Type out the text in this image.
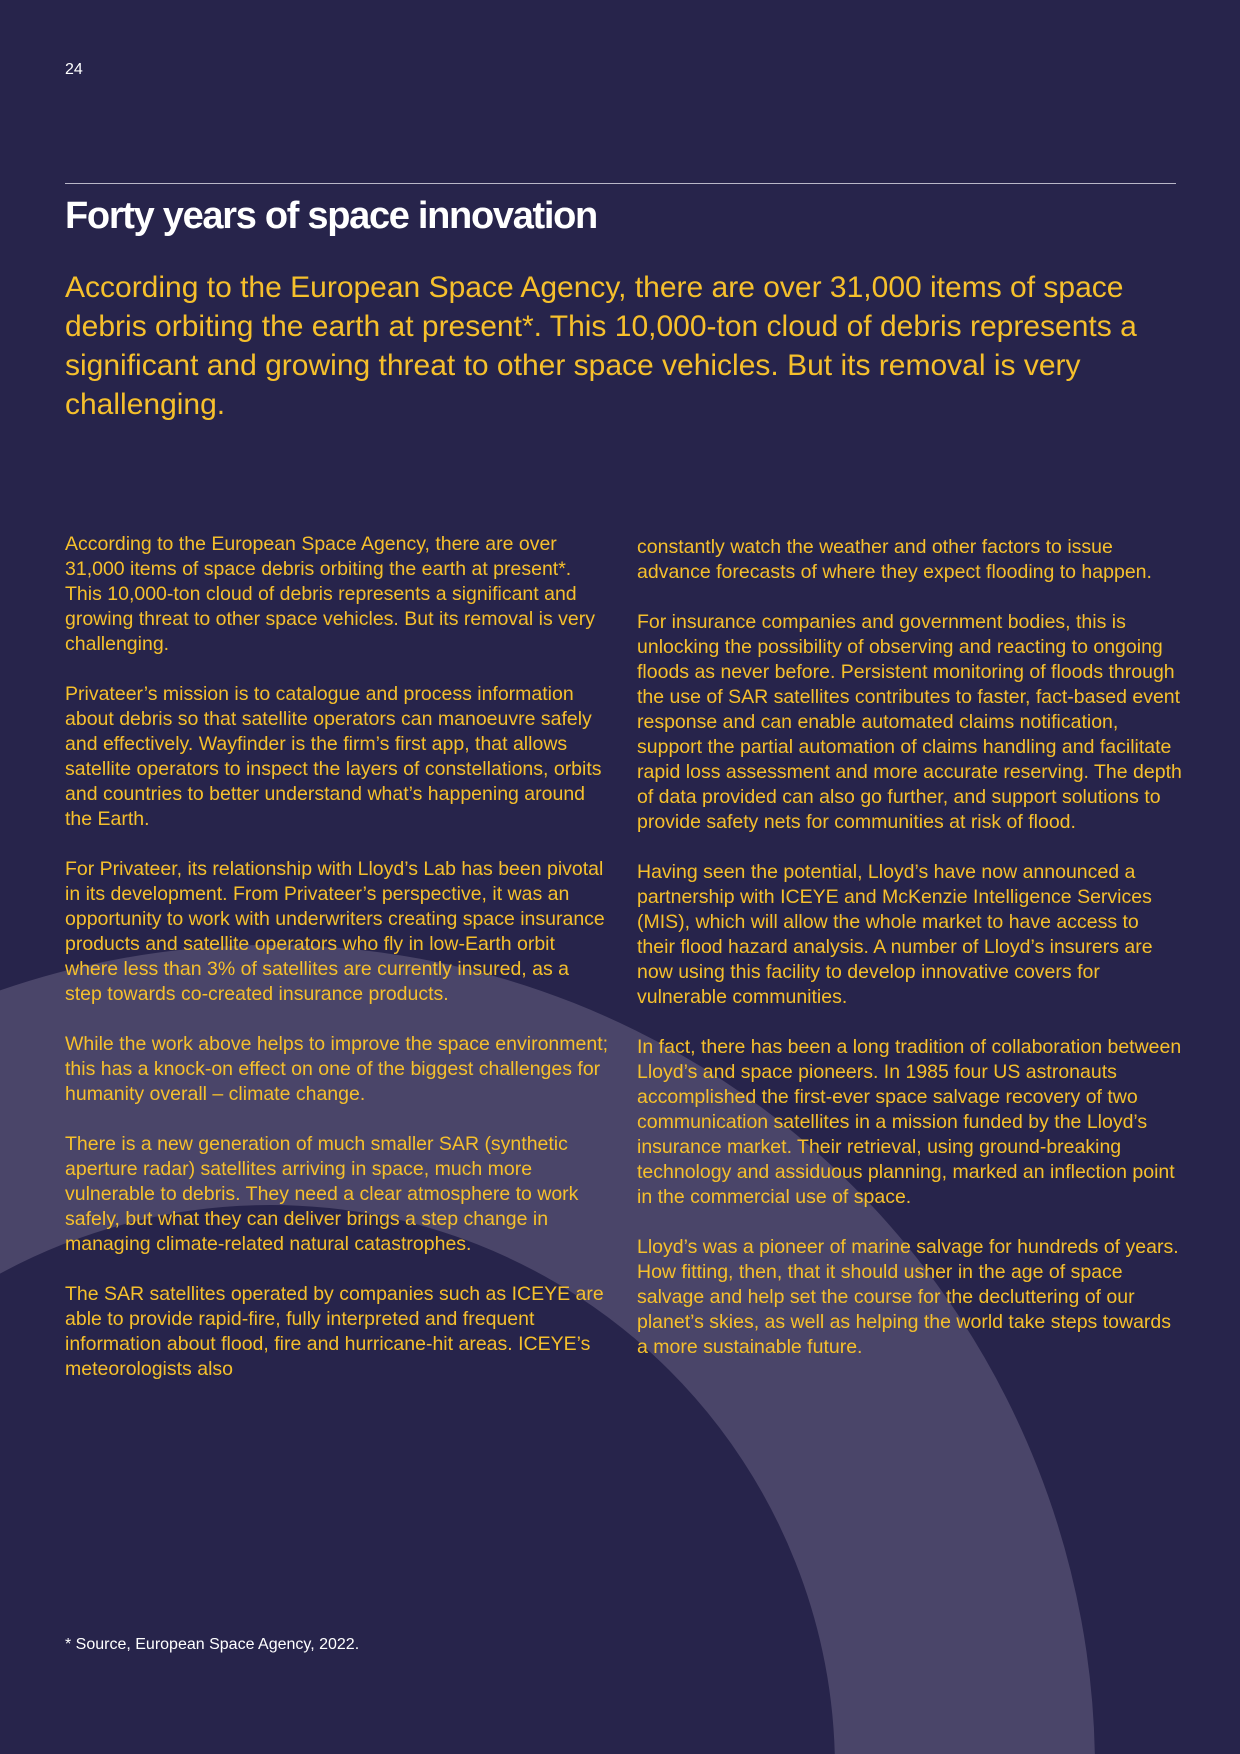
24
Forty years of space innovation

According to the European Space Agency, there are over 31,000 items of space debris orbiting the earth at present*. This 10,000-ton cloud of debris represents a significant and growing threat to other space vehicles. But its removal is very challenging.

According to the European Space Agency, there are over 31,000 items of space debris orbiting the earth at present*. This 10,000-ton cloud of debris represents a significant and growing threat to other space vehicles. But its removal is very challenging.

Privateer’s mission is to catalogue and process information about debris so that satellite operators can manoeuvre safely and effectively. Wayfinder is the firm’s first app, that allows satellite operators to inspect the layers of constellations, orbits and countries to better understand what’s happening around the Earth.

For Privateer, its relationship with Lloyd’s Lab has been pivotal in its development. From Privateer’s perspective, it was an opportunity to work with underwriters creating space insurance products and satellite operators who fly in low-Earth orbit where less than 3% of satellites are currently insured, as a step towards co-created insurance products.

While the work above helps to improve the space environment; this has a knock-on effect on one of the biggest challenges for humanity overall – climate change.

There is a new generation of much smaller SAR (synthetic aperture radar) satellites arriving in space, much more vulnerable to debris. They need a clear atmosphere to work safely, but what they can deliver brings a step change in managing climate-related natural catastrophes.

The SAR satellites operated by companies such as ICEYE are able to provide rapid-fire, fully interpreted and frequent information about flood, fire and hurricane-hit areas. ICEYE’s meteorologists also

constantly watch the weather and other factors to issue advance forecasts of where they expect flooding to happen.

For insurance companies and government bodies, this is unlocking the possibility of observing and reacting to ongoing floods as never before. Persistent monitoring of floods through the use of SAR satellites contributes to faster, fact-based event response and can enable automated claims notification, support the partial automation of claims handling and facilitate rapid loss assessment and more accurate reserving. The depth of data provided can also go further, and support solutions to provide safety nets for communities at risk of flood.

Having seen the potential, Lloyd’s have now announced a partnership with ICEYE and McKenzie Intelligence Services (MIS), which will allow the whole market to have access to their flood hazard analysis. A number of Lloyd’s insurers are now using this facility to develop innovative covers for vulnerable communities.

In fact, there has been a long tradition of collaboration between Lloyd’s and space pioneers. In 1985 four US astronauts accomplished the first-ever space salvage recovery of two communication satellites in a mission funded by the Lloyd’s insurance market. Their retrieval, using ground-breaking technology and assiduous planning, marked an inflection point in the commercial use of space.

Lloyd’s was a pioneer of marine salvage for hundreds of years. How fitting, then, that it should usher in the age of space salvage and help set the course for the decluttering of our planet’s skies, as well as helping the world take steps towards a more sustainable future.

* Source, European Space Agency, 2022.
